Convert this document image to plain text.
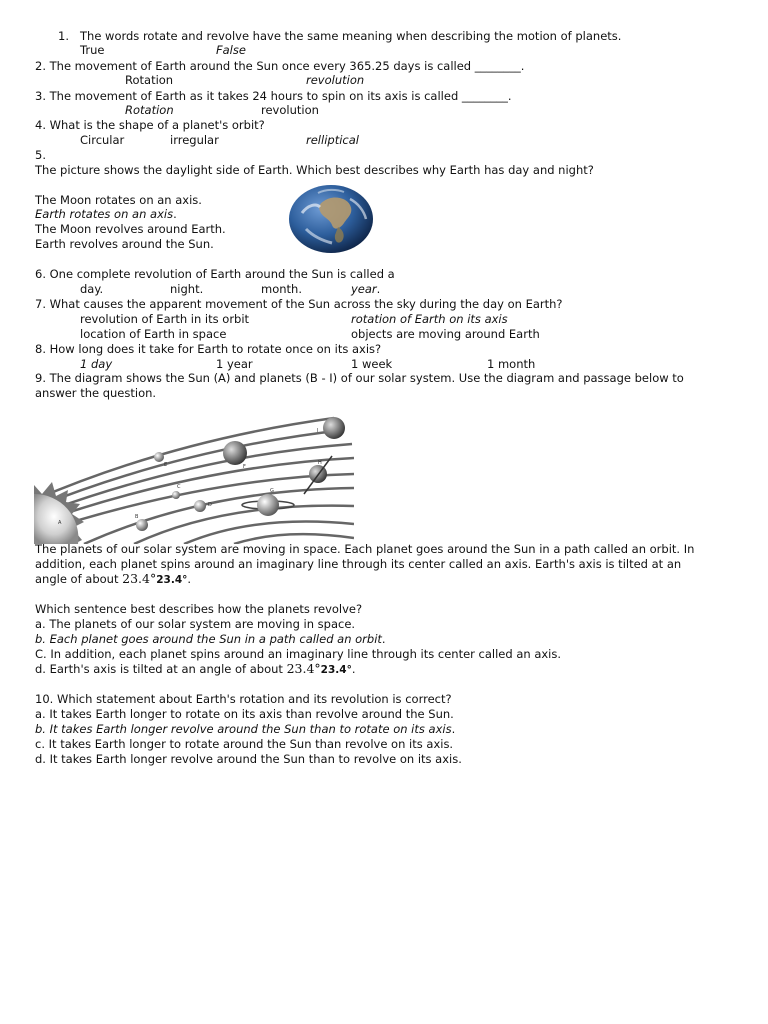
1. The words rotate and revolve have the same meaning when describing the motion of planets.
True	False
2. The movement of Earth around the Sun once every 365.25 days is called ________.
Rotation	revolution
3. The movement of Earth as it takes 24 hours to spin on its axis is called ________.
Rotation	revolution
4. What is the shape of a planet's orbit?
Circular	irregular	relliptical
5.
The picture shows the daylight side of Earth. Which best describes why Earth has day and night?
The Moon rotates on an axis.
Earth rotates on an axis.
The Moon revolves around Earth.
Earth revolves around the Sun.
6. One complete revolution of Earth around the Sun is called a
day.	night.	month.	year.
7. What causes the apparent movement of the Sun across the sky during the day on Earth?
revolution of Earth in its orbit	rotation of Earth on its axis
location of Earth in space	objects are moving around Earth
8. How long does it take for Earth to rotate once on its axis?
1 day	1 year	1 week	1 month
9. The diagram shows the Sun (A) and planets (B - I) of our solar system. Use the diagram and passage below to
answer the question.
A
B
C
D
E	F
G
H
I
The planets of our solar system are moving in space. Each planet goes around the Sun in a path called an orbit. In
addition, each planet spins around an imaginary line through its center called an axis. Earth's axis is tilted at an
angle of about 23.4°23.4°.
Which sentence best describes how the planets revolve?
a. The planets of our solar system are moving in space.
b. Each planet goes around the Sun in a path called an orbit.
C. In addition, each planet spins around an imaginary line through its center called an axis.
d. Earth's axis is tilted at an angle of about 23.4°23.4°.
10. Which statement about Earth's rotation and its revolution is correct?
a. It takes Earth longer to rotate on its axis than revolve around the Sun.
b. It takes Earth longer revolve around the Sun than to rotate on its axis.
c. It takes Earth longer to rotate around the Sun than revolve on its axis.
d. It takes Earth longer revolve around the Sun than to revolve on its axis.
